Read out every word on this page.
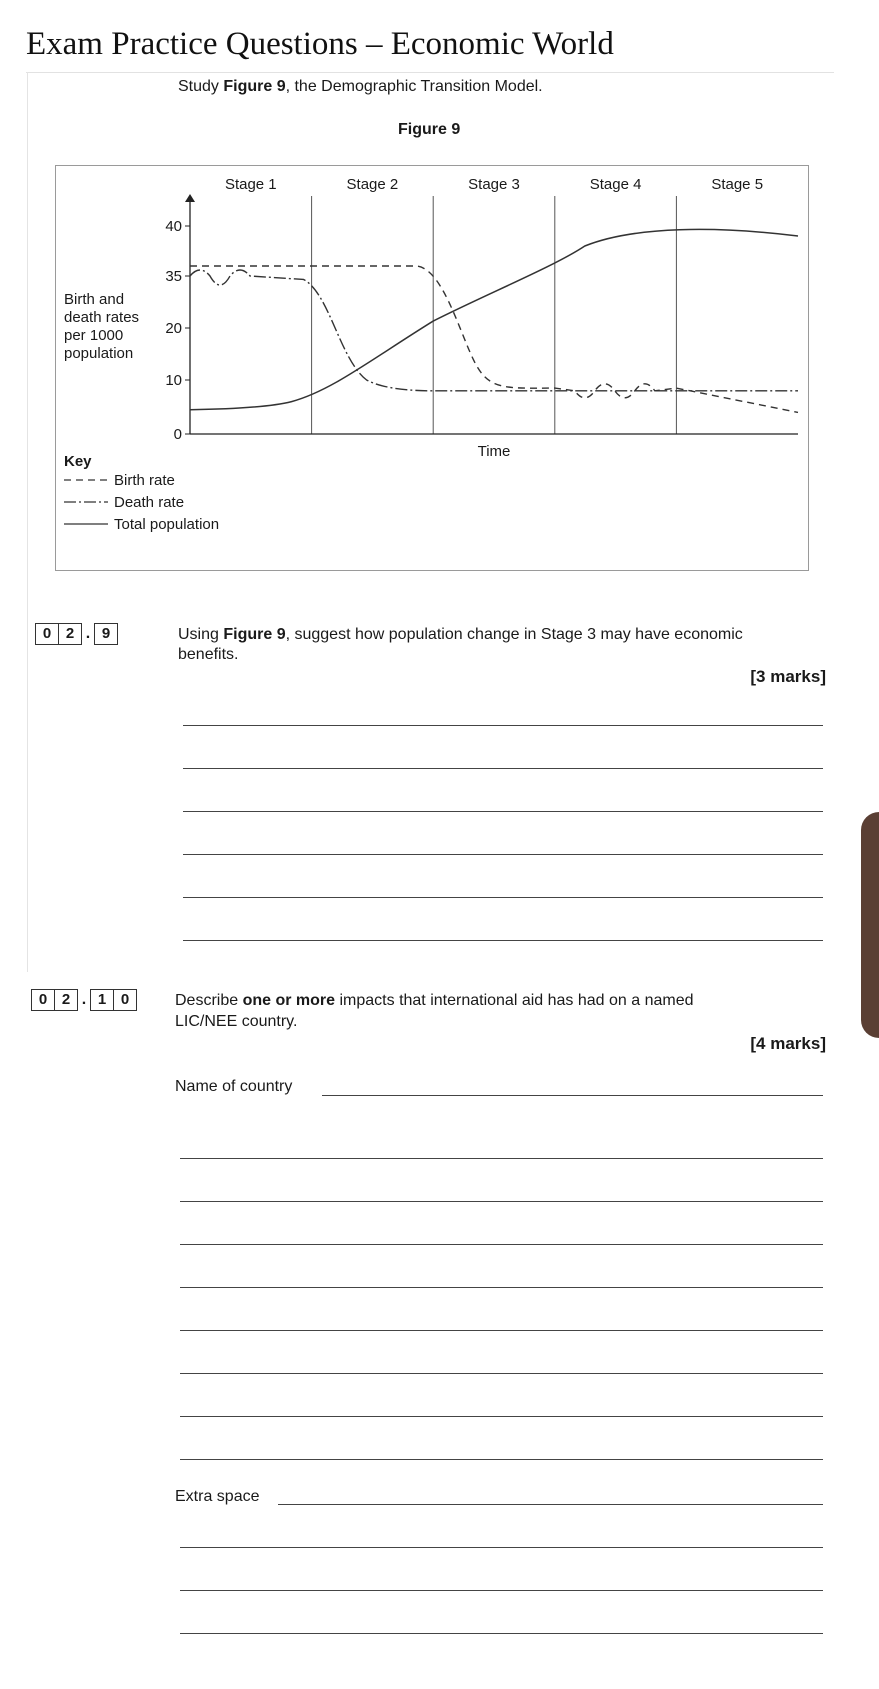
Exam Practice Questions – Economic World
Study Figure 9, the Demographic Transition Model.
Figure 9
Stage 1	Stage 2	Stage 3	Stage 4	Stage 5
0
10
20
35
40
Birth and
death rates
per 1000
population
Time
Key
Birth rate
Death rate
Total population
0 2 . 9	Using Figure 9, suggest how population change in Stage 3 may have economic
benefits.
[3 marks]
0 2 . 1 0	Describe one or more impacts that international aid has had on a named
LIC/NEE country.
[4 marks]
Name of country
Extra space
